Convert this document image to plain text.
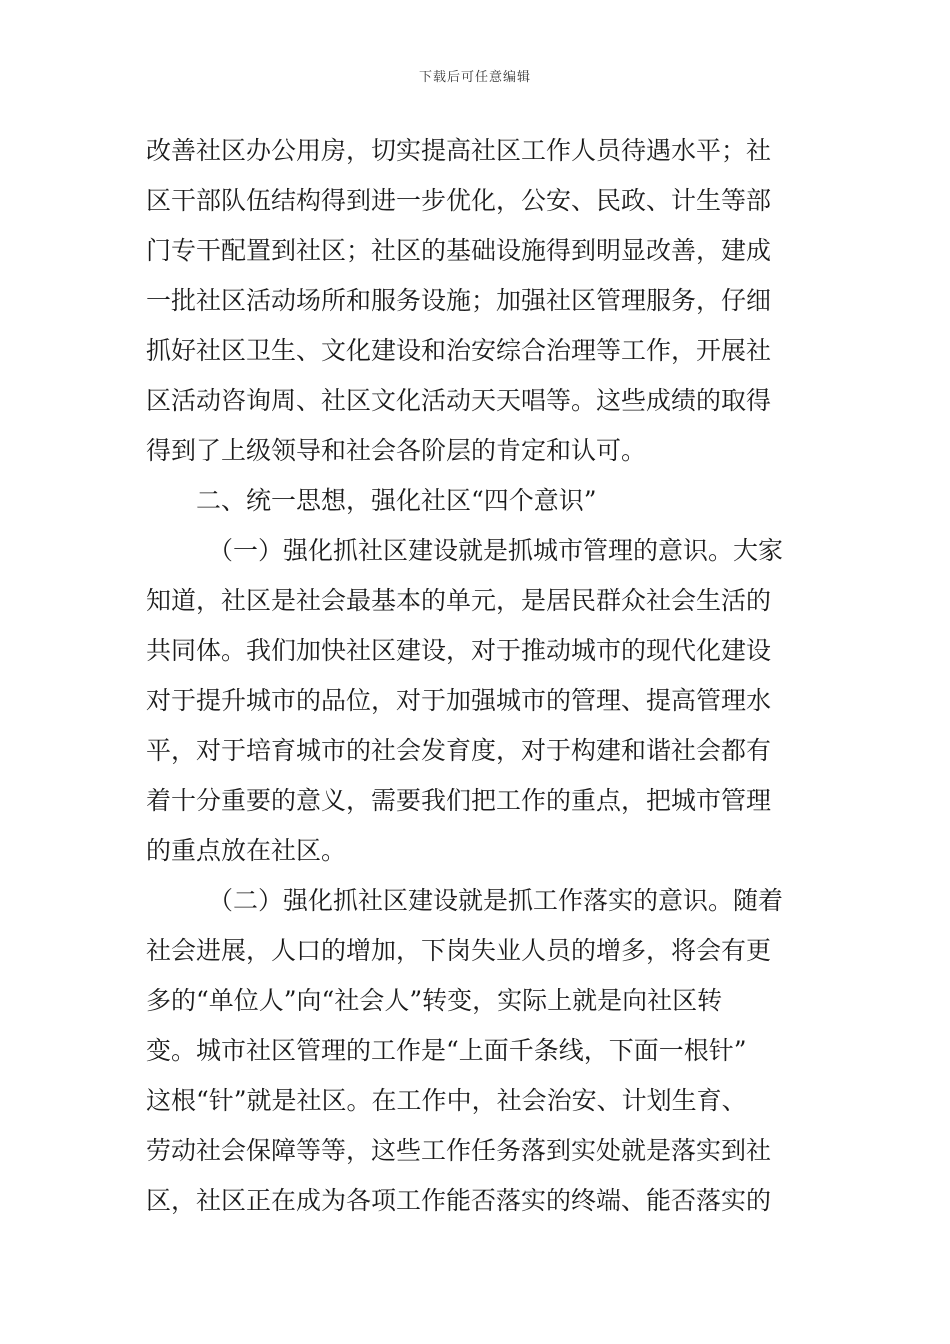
下载后可任意编辑
改善社区办公用房，切实提高社区工作人员待遇水平；社
区干部队伍结构得到进一步优化，公安、民政、计生等部
门专干配置到社区；社区的基础设施得到明显改善，建成
一批社区活动场所和服务设施；加强社区管理服务，仔细
抓好社区卫生、文化建设和治安综合治理等工作，开展社
区活动咨询周、社区文化活动天天唱等。这些成绩的取得
得到了上级领导和社会各阶层的肯定和认可。
二、统一思想，强化社区“四个意识”
（一）强化抓社区建设就是抓城市管理的意识。大家
知道，社区是社会最基本的单元，是居民群众社会生活的
共同体。我们加快社区建设，对于推动城市的现代化建设
对于提升城市的品位，对于加强城市的管理、提高管理水
平，对于培育城市的社会发育度，对于构建和谐社会都有
着十分重要的意义，需要我们把工作的重点，把城市管理
的重点放在社区。
（二）强化抓社区建设就是抓工作落实的意识。随着
社会进展，人口的增加，下岗失业人员的增多，将会有更
多的“单位人”向“社会人”转变，实际上就是向社区转
变。城市社区管理的工作是“上面千条线，下面一根针”
这根“针”就是社区。在工作中，社会治安、计划生育、
劳动社会保障等等，这些工作任务落到实处就是落实到社
区，社区正在成为各项工作能否落实的终端、能否落实的
